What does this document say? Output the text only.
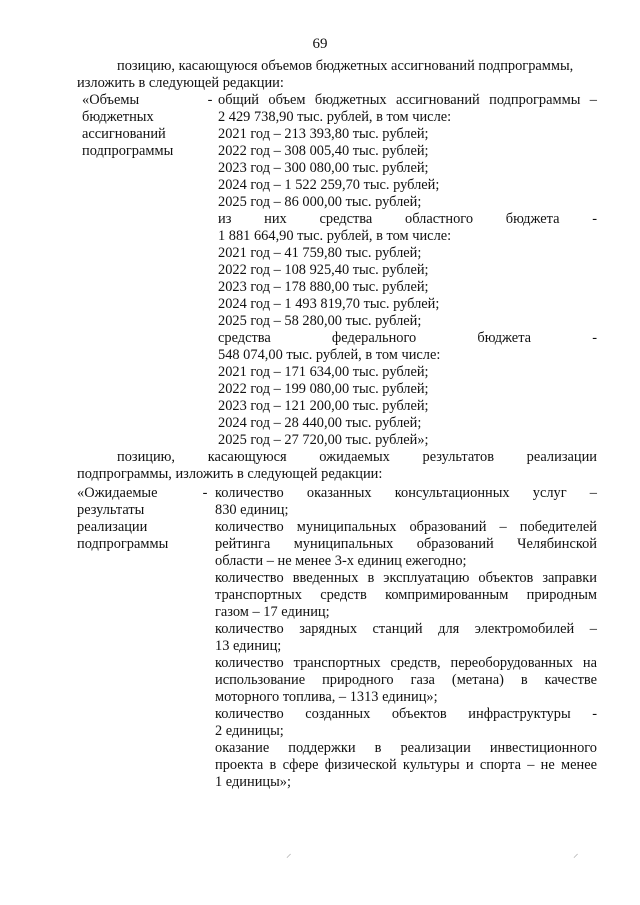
69
позицию, касающуюся объемов бюджетных ассигнований подпрограммы,
изложить в следующей редакции:
«Объемы
бюджетных
ассигнований
подпрограммы
- общий объем бюджетных ассигнований подпрограммы –
2 429 738,90 тыс. рублей, в том числе:
2021 год – 213 393,80 тыс. рублей;
2022 год – 308 005,40 тыс. рублей;
2023 год – 300 080,00 тыс. рублей;
2024 год – 1 522 259,70 тыс. рублей;
2025 год – 86 000,00 тыс. рублей;
из них средства областного бюджета -
1 881 664,90 тыс. рублей, в том числе:
2021 год – 41 759,80 тыс. рублей;
2022 год – 108 925,40 тыс. рублей;
2023 год – 178 880,00 тыс. рублей;
2024 год – 1 493 819,70 тыс. рублей;
2025 год – 58 280,00 тыс. рублей;
средства федерального бюджета -
548 074,00 тыс. рублей, в том числе:
2021 год – 171 634,00 тыс. рублей;
2022 год – 199 080,00 тыс. рублей;
2023 год – 121 200,00 тыс. рублей;
2024 год – 28 440,00 тыс. рублей;
2025 год – 27 720,00 тыс. рублей»;
позицию, касающуюся ожидаемых результатов реализации
подпрограммы, изложить в следующей редакции:
«Ожидаемые
результаты
реализации
подпрограммы
- количество оказанных консультационных услуг –
830 единиц;
количество муниципальных образований – победителей
рейтинга муниципальных образований Челябинской
области – не менее 3-х единиц ежегодно;
количество введенных в эксплуатацию объектов заправки
транспортных средств компримированным природным
газом – 17 единиц;
количество зарядных станций для электромобилей –
13 единиц;
количество транспортных средств, переоборудованных на
использование природного газа (метана) в качестве
моторного топлива, – 1313 единиц»;
количество созданных объектов инфраструктуры -
2 единицы;
оказание поддержки в реализации инвестиционного
проекта в сфере физической культуры и спорта – не менее
1 единицы»;
⸝	⸝
